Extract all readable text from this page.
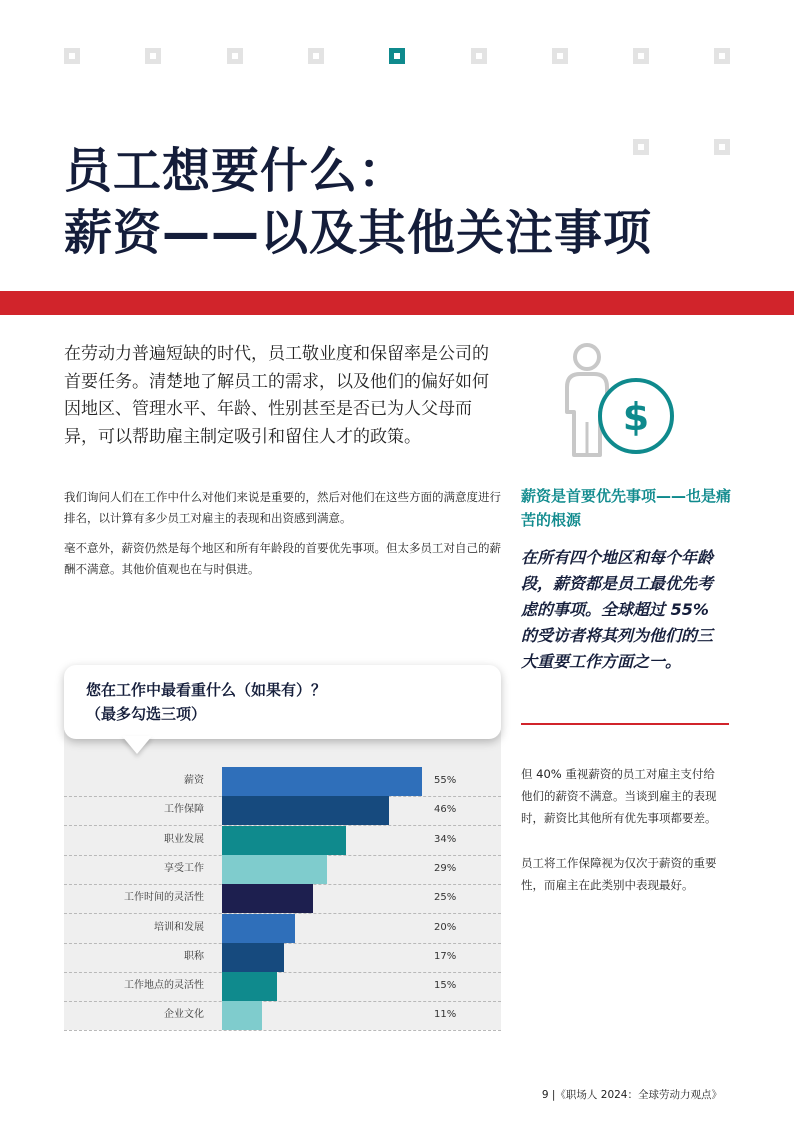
员工想要什么：
薪资——以及其他关注事项

在劳动力普遍短缺的时代，员工敬业度和保留率是公司的首要任务。清楚地了解员工的需求，以及他们的偏好如何因地区、管理水平、年龄、性别甚至是否已为人父母而异，可以帮助雇主制定吸引和留住人才的政策。

我们询问人们在工作中什么对他们来说是重要的，然后对他们在这些方面的满意度进行排名，以计算有多少员工对雇主的表现和出资感到满意。

毫不意外，薪资仍然是每个地区和所有年龄段的首要优先事项。但太多员工对自己的薪酬不满意。其他价值观也在与时俱进。

$

薪资是首要优先事项——也是痛苦的根源

在所有四个地区和每个年龄段，薪资都是员工最优先考虑的事项。全球超过 55% 的受访者将其列为他们的三大重要工作方面之一。

但 40% 重视薪资的员工对雇主支付给他们的薪资不满意。当谈到雇主的表现时，薪资比其他所有优先事项都要差。

员工将工作保障视为仅次于薪资的重要性，而雇主在此类别中表现最好。

薪资	55%
工作保障	46%
职业发展	34%
享受工作	29%
工作时间的灵活性	25%
培训和发展	20%
职称	17%
工作地点的灵活性	15%
企业文化	11%

您在工作中最看重什么（如果有）？
（最多勾选三项）

9 |《职场人 2024：全球劳动力观点》
